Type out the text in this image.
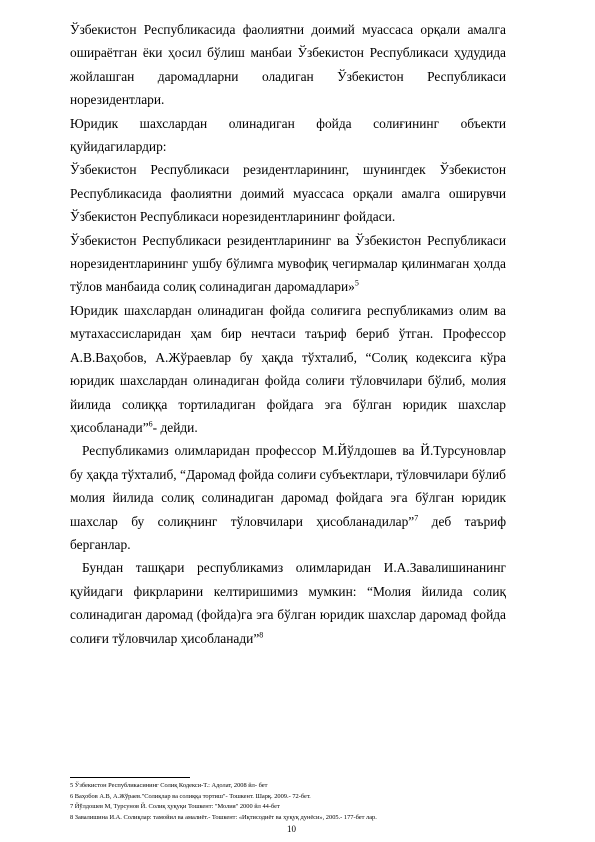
Ўзбекистон Республикасида фаолиятни доимий муассаса орқали амалга ошираётган ёки ҳосил бўлиш манбаи Ўзбекистон Республикаси ҳудудида жойлашган даромадларни оладиган Ўзбекистон Республикаси норезидентлари.

Юридик шахслардан олинадиган фойда солиғининг объекти қуйидагилардир:

Ўзбекистон Республикаси резидентларининг, шунингдек Ўзбекистон Республикасида фаолиятни доимий муассаса орқали амалга оширувчи Ўзбекистон Республикаси норезидентларининг фойдаси.

Ўзбекистон Республикаси резидентларининг ва Ўзбекистон Республикаси норезидентларининг ушбу бўлимга мувофиқ чегирмалар қилинмаган ҳолда тўлов манбаида солиқ солинадиган даромадлари»$^5$

Юридик шахслардан олинадиган фойда солиғига республикамиз олим ва мутахассисларидан ҳам бир нечтаси таъриф бериб ўтган. Профессор А.В.Ваҳобов, А.Жўраевлар бу ҳақда тўхталиб, “Солиқ кодексига кўра юридик шахслардан олинадиган фойда солиғи тўловчилари бўлиб, молия йилида солиққа тортиладиган фойдага эга бўлган юридик шахслар ҳисобланади”$^6$- дейди.

Республикамиз олимларидан профессор М.Йўлдошев ва Й.Турсуновлар бу ҳақда тўхталиб, “Даромад фойда солиғи субъектлари, тўловчилари бўлиб молия йилида солиқ солинадиган даромад фойдага эга бўлган юридик шахслар бу солиқнинг тўловчилари ҳисобланадилар”$^7$ деб таъриф берганлар.

Бундан ташқари республикамиз олимларидан И.А.Завалишинанинг қуйидаги фикрларини келтиришимиз мумкин: “Молия йилида солиқ солинадиган даромад (фойда)га эга бўлган юридик шахслар даромад фойда солиғи тўловчилар ҳисобланади”$^8$

5 Ўзбекистон Республикасининг Солиқ Кодекси-Т.: Адолат, 2008 йл- бет
6 Ваҳобов А.В, А.Жўраев."Солиқлар ва солиққа тортиш"- Тошкент. Шарқ. 2009.- 72-бет.
7 Йўлдошев М, Турсунов Й. Солиқ ҳуқуқи Тошкент: "Молия" 2000 йл 44-бет
8 Завалишина И.А. Солиқлар: тамойил ва амалиёт.- Тошкент: «Иқтисодиёт ва ҳуқуқ дунёси», 2005.- 177-бет лар.
10
